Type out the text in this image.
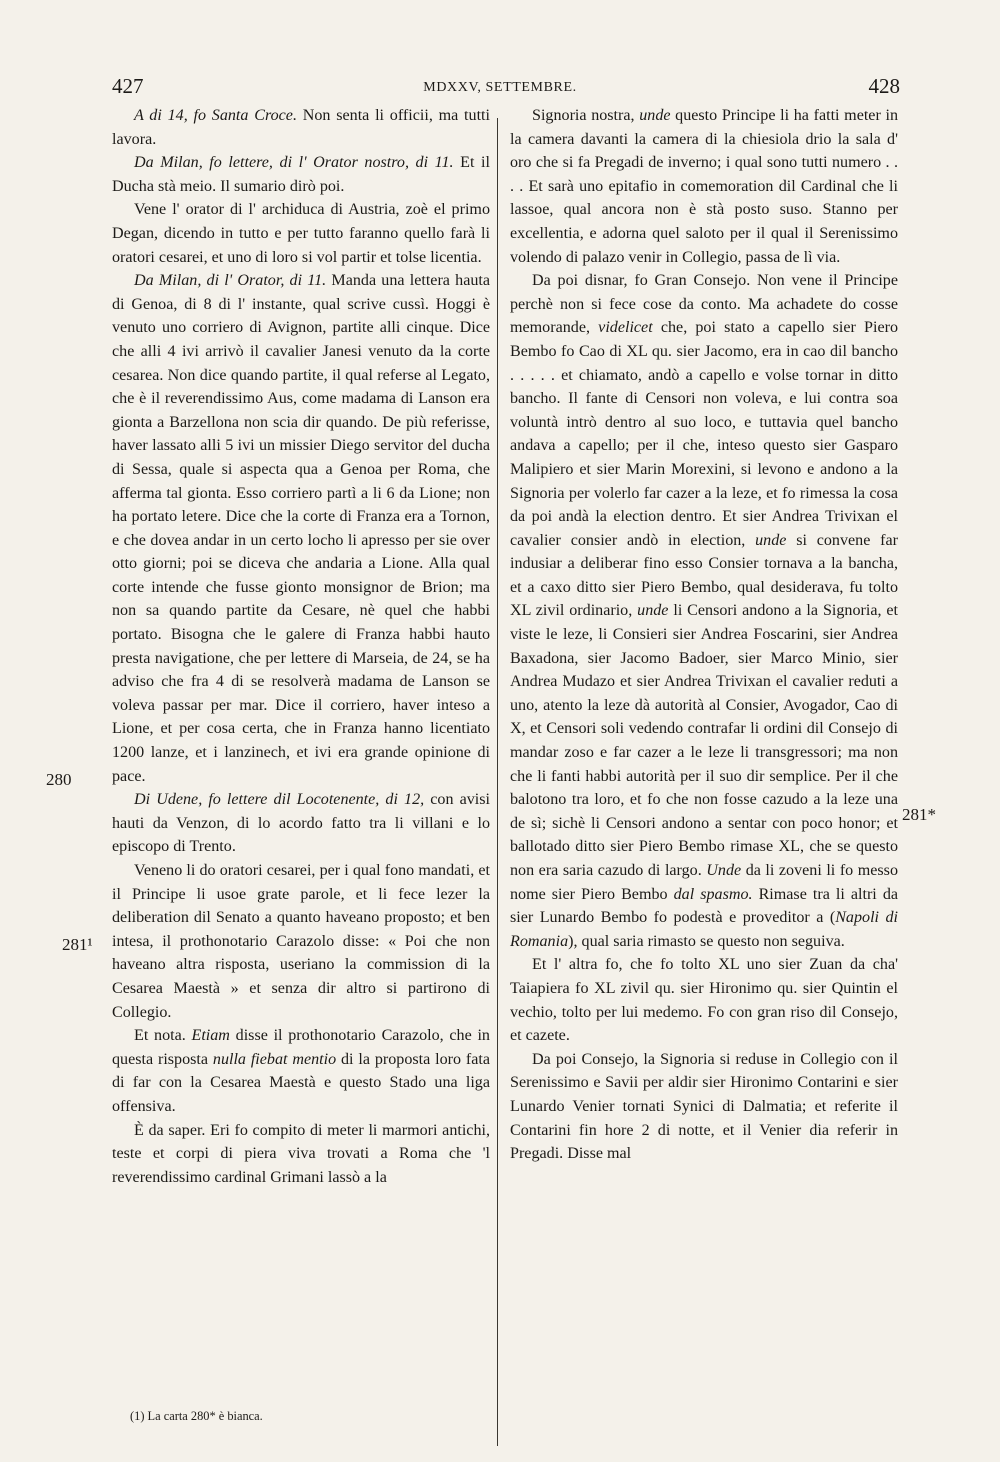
427	MDXXV, SETTEMBRE.	428

A di 14, fo Santa Croce. Non senta li officii, ma tutti lavora.

Da Milan, fo lettere, di l' Orator nostro, di 11. Et il Ducha stà meio. Il sumario dirò poi.

Vene l' orator di l' archiduca di Austria, zoè el primo Degan, dicendo in tutto e per tutto faranno quello farà li oratori cesarei, et uno di loro si vol partir et tolse licentia.

Da Milan, di l' Orator, di 11. Manda una lettera hauta di Genoa, di 8 di l' instante, qual scrive cussì. Hoggi è venuto uno corriero di Avignon, partite alli cinque. Dice che alli 4 ivi arrivò il cavalier Janesi venuto da la corte cesarea. Non dice quando partite, il qual referse al Legato, che è il reverendissimo Aus, come madama di Lanson era gionta a Barzellona non scia dir quando. De più referisse, haver lassato alli 5 ivi un missier Diego servitor del ducha di Sessa, quale si aspecta qua a Genoa per Roma, che afferma tal gionta. Esso corriero partì a li 6 da Lione; non ha portato letere. Dice che la corte di Franza era a Tornon, e che dovea andar in un certo locho li apresso per sie over otto giorni; poi se diceva che andaria a Lione. Alla qual corte intende che fusse gionto monsignor de Brion; ma non sa quando partite da Cesare, nè quel che habbi portato. Bisogna che le galere di Franza habbi hauto presta navigatione, che per lettere di Marseia, de 24, se ha adviso che fra 4 di se resolverà madama de Lanson se voleva passar per mar. Dice il corriero, haver inteso a Lione, et per cosa certa, che in Franza hanno licentiato 1200 lanze, et i lanzinech, et ivi era grande opinione di pace.

Di Udene, fo lettere dil Locotenente, di 12, con avisi hauti da Venzon, di lo acordo fatto tra li villani e lo episcopo di Trento.

Veneno li do oratori cesarei, per i qual fono mandati, et il Principe li usoe grate parole, et li fece lezer la deliberation dil Senato a quanto haveano proposto; et ben intesa, il prothonotario Carazolo disse: « Poi che non haveano altra risposta, useriano la commission di la Cesarea Maestà » et senza dir altro si partirono di Collegio.

Et nota. Etiam disse il prothonotario Carazolo, che in questa risposta nulla fiebat mentio di la proposta loro fata di far con la Cesarea Maestà e questo Stado una liga offensiva.

È da saper. Eri fo compito di meter li marmori antichi, teste et corpi di piera viva trovati a Roma che 'l reverendissimo cardinal Grimani lassò a la

Signoria nostra, unde questo Principe li ha fatti meter in la camera davanti la camera di la chiesiola drio la sala d' oro che si fa Pregadi de inverno; i qual sono tutti numero . . . . Et sarà uno epitafio in comemoration dil Cardinal che li lassoe, qual ancora non è stà posto suso. Stanno per excellentia, e adorna quel saloto per il qual il Serenissimo volendo di palazo venir in Collegio, passa de lì via.

Da poi disnar, fo Gran Consejo. Non vene il Principe perchè non si fece cose da conto. Ma achadete do cosse memorande, videlicet che, poi stato a capello sier Piero Bembo fo Cao di XL qu. sier Jacomo, era in cao dil bancho . . . . . et chiamato, andò a capello e volse tornar in ditto bancho. Il fante di Censori non voleva, e lui contra soa voluntà intrò dentro al suo loco, e tuttavia quel bancho andava a capello; per il che, inteso questo sier Gasparo Malipiero et sier Marin Morexini, si levono e andono a la Signoria per volerlo far cazer a la leze, et fo rimessa la cosa da poi andà la election dentro. Et sier Andrea Trivixan el cavalier consier andò in election, unde si convene far indusiar a deliberar fino esso Consier tornava a la bancha, et a caxo ditto sier Piero Bembo, qual desiderava, fu tolto XL zivil ordinario, unde li Censori andono a la Signoria, et viste le leze, li Consieri sier Andrea Foscarini, sier Andrea Baxadona, sier Jacomo Badoer, sier Marco Minio, sier Andrea Mudazo et sier Andrea Trivixan el cavalier reduti a uno, atento la leze dà autorità al Consier, Avogador, Cao di X, et Censori soli vedendo contrafar li ordini dil Consejo di mandar zoso e far cazer a le leze li transgressori; ma non che li fanti habbi autorità per il suo dir semplice. Per il che balotono tra loro, et fo che non fosse cazudo a la leze una de sì; sichè li Censori andono a sentar con poco honor; et ballotado ditto sier Piero Bembo rimase XL, che se questo non era saria cazudo di largo. Unde da li zoveni li fo messo nome sier Piero Bembo dal spasmo. Rimase tra li altri da sier Lunardo Bembo fo podestà e proveditor a (Napoli di Romania), qual saria rimasto se questo non seguiva.

Et l' altra fo, che fo tolto XL uno sier Zuan da cha' Taiapiera fo XL zivil qu. sier Hironimo qu. sier Quintin el vechio, tolto per lui medemo. Fo con gran riso dil Consejo, et cazete.

Da poi Consejo, la Signoria si reduse in Collegio con il Serenissimo e Savii per aldir sier Hironimo Contarini e sier Lunardo Venier tornati Synici di Dalmatia; et referite il Contarini fin hore 2 di notte, et il Venier dia referir in Pregadi. Disse mal

280
281¹
281*
(1) La carta 280* è bianca.
